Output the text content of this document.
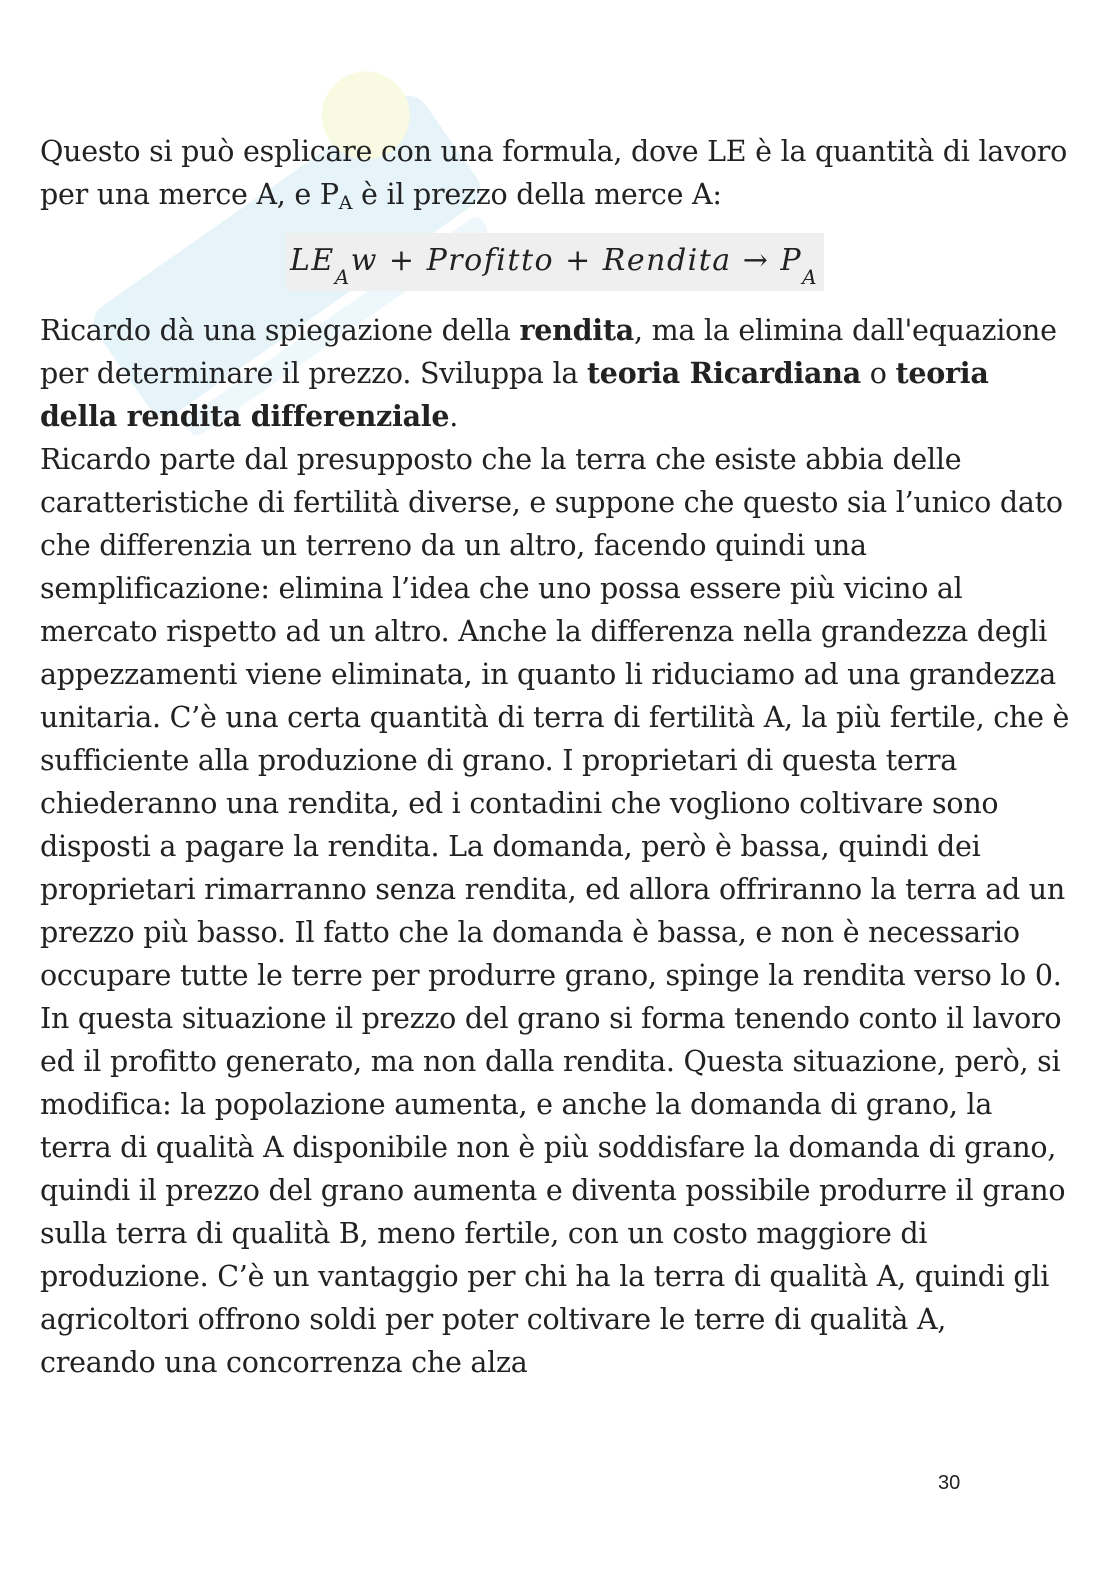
Questo si può esplicare con una formula, dove LE è la quantità di lavoro per una merce A, e PA è il prezzo della merce A:

$LE_Aw$ + Profitto + Rendita → $P_A$

Ricardo dà una spiegazione della rendita, ma la elimina dall'equazione per determinare il prezzo. Sviluppa la teoria Ricardiana o teoria della rendita differenziale.

Ricardo parte dal presupposto che la terra che esiste abbia delle caratteristiche di fertilità diverse, e suppone che questo sia l’unico dato che differenzia un terreno da un altro, facendo quindi una semplificazione: elimina l’idea che uno possa essere più vicino al mercato rispetto ad un altro. Anche la differenza nella grandezza degli appezzamenti viene eliminata, in quanto li riduciamo ad una grandezza unitaria. C’è una certa quantità di terra di fertilità A, la più fertile, che è sufficiente alla produzione di grano. I proprietari di questa terra chiederanno una rendita, ed i contadini che vogliono coltivare sono disposti a pagare la rendita. La domanda, però è bassa, quindi dei proprietari rimarranno senza rendita, ed allora offriranno la terra ad un prezzo più basso. Il fatto che la domanda è bassa, e non è necessario occupare tutte le terre per produrre grano, spinge la rendita verso lo 0. In questa situazione il prezzo del grano si forma tenendo conto il lavoro ed il profitto generato, ma non dalla rendita. Questa situazione, però, si modifica: la popolazione aumenta, e anche la domanda di grano, la terra di qualità A disponibile non è più soddisfare la domanda di grano, quindi il prezzo del grano aumenta e diventa possibile produrre il grano sulla terra di qualità B, meno fertile, con un costo maggiore di produzione. C’è un vantaggio per chi ha la terra di qualità A, quindi gli agricoltori offrono soldi per poter coltivare le terre di qualità A, creando una concorrenza che alza

30
